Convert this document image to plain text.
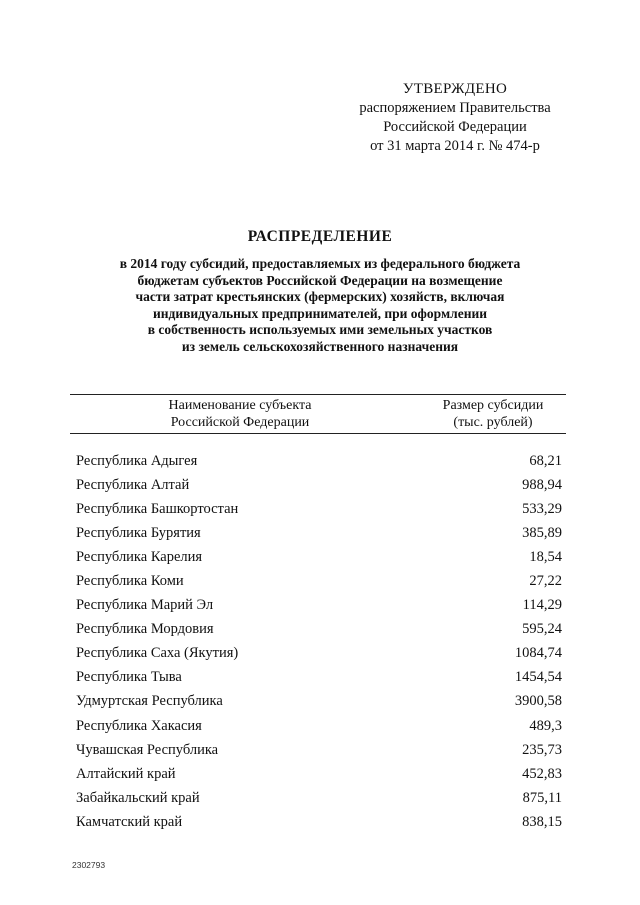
УТВЕРЖДЕНО
распоряжением Правительства
Российской Федерации
от 31 марта 2014 г. № 474-р
РАСПРЕДЕЛЕНИЕ
в 2014 году субсидий, предоставляемых из федерального бюджета
бюджетам субъектов Российской Федерации на возмещение
части затрат крестьянских (фермерских) хозяйств, включая
индивидуальных предпринимателей, при оформлении
в собственность используемых ими земельных участков
из земель сельскохозяйственного назначения
Наименование субъекта
Российской Федерации
Размер субсидии
(тыс. рублей)
Республика Адыгея	68,21
Республика Алтай	988,94
Республика Башкортостан	533,29
Республика Бурятия	385,89
Республика Карелия	18,54
Республика Коми	27,22
Республика Марий Эл	114,29
Республика Мордовия	595,24
Республика Саха (Якутия)	1084,74
Республика Тыва	1454,54
Удмуртская Республика	3900,58
Республика Хакасия	489,3
Чувашская Республика	235,73
Алтайский край	452,83
Забайкальский край	875,11
Камчатский край	838,15
2302793
